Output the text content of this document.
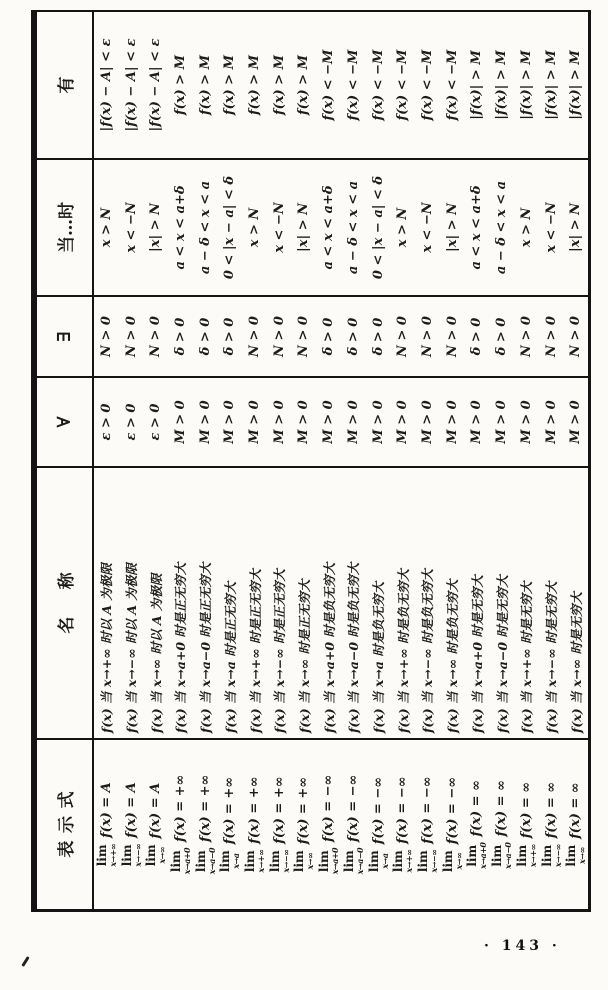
表示式
名称
∀
∃
当…时
有
lim x→+∞
f(x) = A
f(x) 当 x→+∞ 时以 A 为极限
ε > 0
N > 0
x > N
|f(x) − A| < ε
lim x→−∞
f(x) = A
f(x) 当 x→−∞ 时以 A 为极限
ε > 0
N > 0
x < −N
|f(x) − A| < ε
lim x→∞
f(x) = A
f(x) 当 x→∞ 时以 A 为极限
ε > 0
N > 0
|x| > N
|f(x) − A| < ε
lim x→a+0
f(x) = +∞
f(x) 当 x→a+0 时是正无穷大
M > 0
δ > 0
a < x < a+δ
f(x) > M
lim x→a−0
f(x) = +∞
f(x) 当 x→a−0 时是正无穷大
M > 0
δ > 0
a − δ < x < a
f(x) > M
lim x→a
f(x) = +∞
f(x) 当 x→a 时是正无穷大
M > 0
δ > 0
0 < |x − a| < δ
f(x) > M
lim x→+∞
f(x) = +∞
f(x) 当 x→+∞ 时是正无穷大
M > 0
N > 0
x > N
f(x) > M
lim x→−∞
f(x) = +∞
f(x) 当 x→−∞ 时是正无穷大
M > 0
N > 0
x < −N
f(x) > M
lim x→∞
f(x) = +∞
f(x) 当 x→∞ 时是正无穷大
M > 0
N > 0
|x| > N
f(x) > M
lim x→a+0
f(x) = −∞
f(x) 当 x→a+0 时是负无穷大
M > 0
δ > 0
a < x < a+δ
f(x) < −M
lim x→a−0
f(x) = −∞
f(x) 当 x→a−0 时是负无穷大
M > 0
δ > 0
a − δ < x < a
f(x) < −M
lim x→a
f(x) = −∞
f(x) 当 x→a 时是负无穷大
M > 0
δ > 0
0 < |x − a| < δ
f(x) < −M
lim x→+∞
f(x) = −∞
f(x) 当 x→+∞ 时是负无穷大
M > 0
N > 0
x > N
f(x) < −M
lim x→−∞
f(x) = −∞
f(x) 当 x→−∞ 时是负无穷大
M > 0
N > 0
x < −N
f(x) < −M
lim x→∞
f(x) = −∞
f(x) 当 x→∞ 时是负无穷大
M > 0
N > 0
|x| > N
f(x) < −M
lim x→a+0
f(x) = ∞
f(x) 当 x→a+0 时是无穷大
M > 0
δ > 0
a < x < a+δ
|f(x)| > M
lim x→a−0
f(x) = ∞
f(x) 当 x→a−0 时是无穷大
M > 0
δ > 0
a − δ < x < a
|f(x)| > M
lim x→+∞
f(x) = ∞
f(x) 当 x→+∞ 时是无穷大
M > 0
N > 0
x > N
|f(x)| > M
lim x→−∞
f(x) = ∞
f(x) 当 x→−∞ 时是无穷大
M > 0
N > 0
x < −N
|f(x)| > M
lim x→∞
f(x) = ∞
f(x) 当 x→∞ 时是无穷大
M > 0
N > 0
|x| > N
|f(x)| > M
· 143 ·
